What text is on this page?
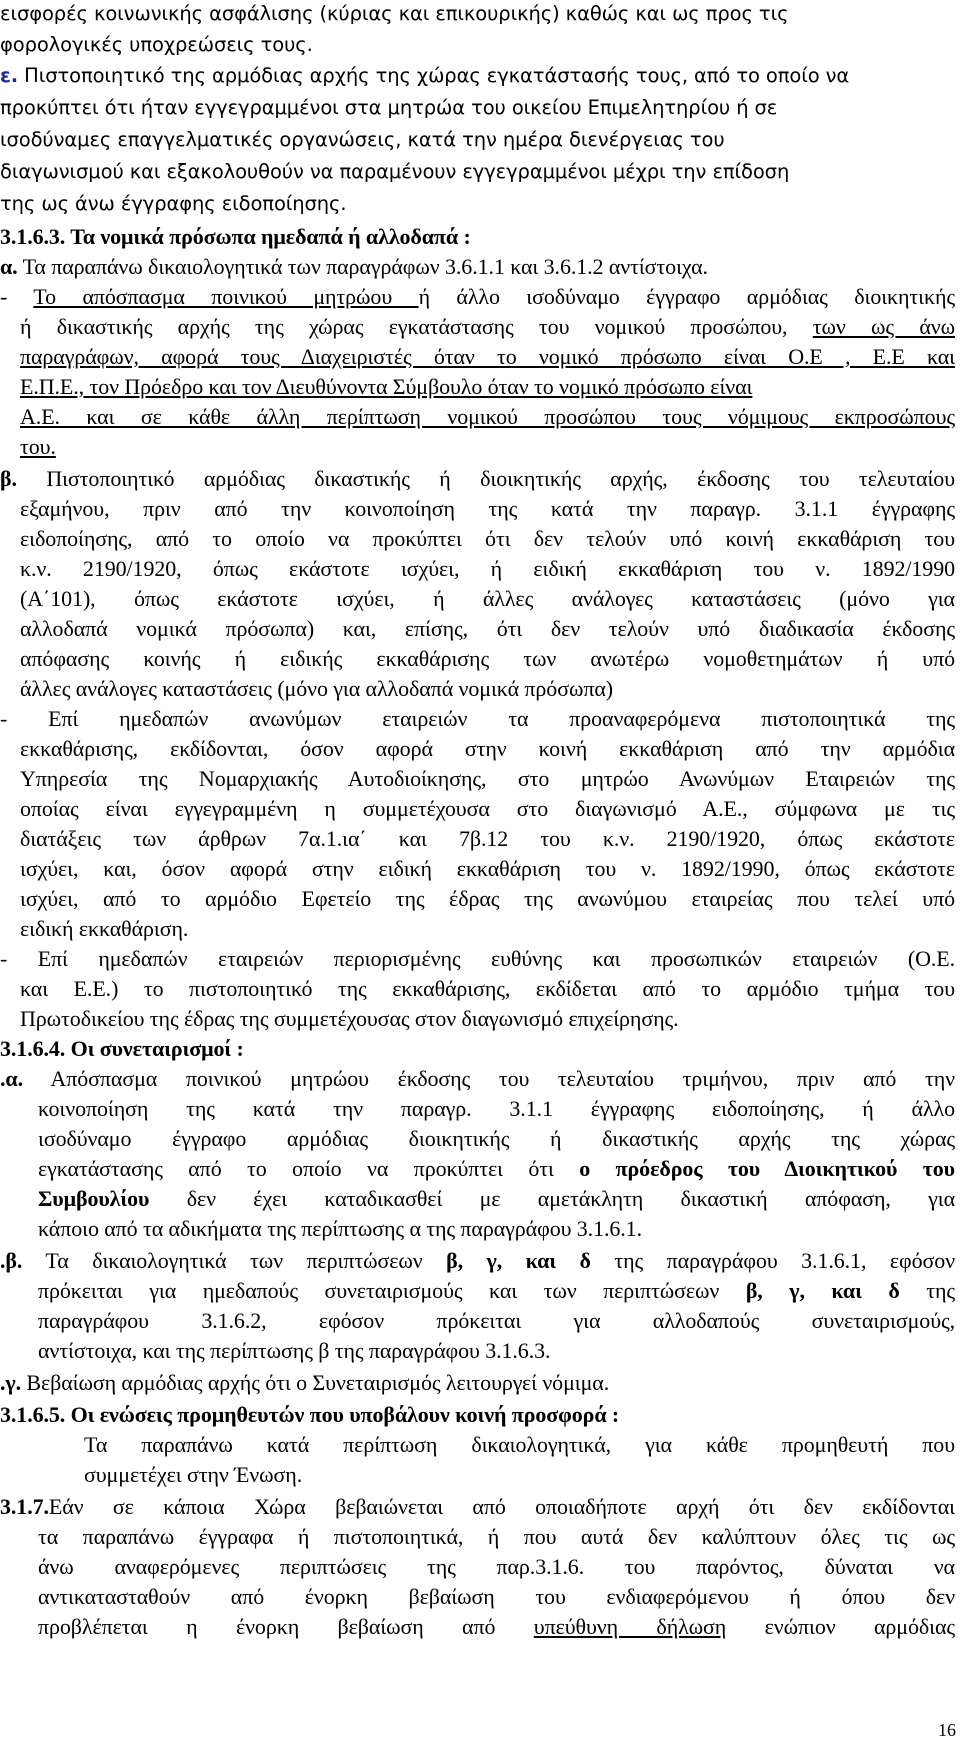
εισφορές κοινωνικής ασφάλισης (κύριας και επικουρικής) καθώς και ως προς τις
φορολογικές υποχρεώσεις τους.
ε. Πιστοποιητικό της αρμόδιας αρχής της χώρας εγκατάστασής τους, από το οποίο να
προκύπτει ότι ήταν εγγεγραμμένοι στα μητρώα του οικείου Επιμελητηρίου ή σε
ισοδύναμες επαγγελματικές οργανώσεις, κατά την ημέρα διενέργειας του
διαγωνισμού και εξακολουθούν να παραμένουν εγγεγραμμένοι μέχρι την επίδοση
της ως άνω έγγραφης ειδοποίησης.
3.1.6.3. Τα νομικά πρόσωπα ημεδαπά ή αλλοδαπά :
α. Τα παραπάνω δικαιολογητικά των παραγράφων 3.6.1.1 και 3.6.1.2 αντίστοιχα.
- Το απόσπασμα ποινικού μητρώου ή άλλο ισοδύναμο έγγραφο αρμόδιας διοικητικής
ή δικαστικής αρχής της χώρας εγκατάστασης του νομικού προσώπου, των ως άνω
παραγράφων, αφορά τους Διαχειριστές όταν το νομικό πρόσωπο είναι Ο.Ε , Ε.Ε και
Ε.Π.Ε., τον Πρόεδρο και τον Διευθύνοντα Σύμβουλο όταν το νομικό πρόσωπο είναι
Α.Ε. και σε κάθε άλλη περίπτωση νομικού προσώπου τους νόμιμους εκπροσώπους
του.
β. Πιστοποιητικό αρμόδιας δικαστικής ή διοικητικής αρχής, έκδοσης του τελευταίου
εξαμήνου, πριν από την κοινοποίηση της κατά την παραγρ. 3.1.1 έγγραφης
ειδοποίησης, από το οποίο να προκύπτει ότι δεν τελούν υπό κοινή εκκαθάριση του
κ.ν. 2190/1920, όπως εκάστοτε ισχύει, ή ειδική εκκαθάριση του ν. 1892/1990
(Α΄101), όπως εκάστοτε ισχύει, ή άλλες ανάλογες καταστάσεις (μόνο για
αλλοδαπά νομικά πρόσωπα) και, επίσης, ότι δεν τελούν υπό διαδικασία έκδοσης
απόφασης κοινής ή ειδικής εκκαθάρισης των ανωτέρω νομοθετημάτων ή υπό
άλλες ανάλογες καταστάσεις (μόνο για αλλοδαπά νομικά πρόσωπα)
- Επί ημεδαπών ανωνύμων εταιρειών τα προαναφερόμενα πιστοποιητικά της
εκκαθάρισης, εκδίδονται, όσον αφορά στην κοινή εκκαθάριση από την αρμόδια
Υπηρεσία της Νομαρχιακής Αυτοδιοίκησης, στο μητρώο Ανωνύμων Εταιρειών της
οποίας είναι εγγεγραμμένη η συμμετέχουσα στο διαγωνισμό Α.Ε., σύμφωνα με τις
διατάξεις των άρθρων 7α.1.ια΄ και 7β.12 του κ.ν. 2190/1920, όπως εκάστοτε
ισχύει, και, όσον αφορά στην ειδική εκκαθάριση του ν. 1892/1990, όπως εκάστοτε
ισχύει, από το αρμόδιο Εφετείο της έδρας της ανωνύμου εταιρείας που τελεί υπό
ειδική εκκαθάριση.
- Επί ημεδαπών εταιρειών περιορισμένης ευθύνης και προσωπικών εταιρειών (Ο.Ε.
και Ε.Ε.) το πιστοποιητικό της εκκαθάρισης, εκδίδεται από το αρμόδιο τμήμα του
Πρωτοδικείου της έδρας της συμμετέχουσας στον διαγωνισμό επιχείρησης.
3.1.6.4. Οι συνεταιρισμοί :
.α. Απόσπασμα ποινικού μητρώου έκδοσης του τελευταίου τριμήνου, πριν από την
κοινοποίηση της κατά την παραγρ. 3.1.1 έγγραφης ειδοποίησης, ή άλλο
ισοδύναμο έγγραφο αρμόδιας διοικητικής ή δικαστικής αρχής της χώρας
εγκατάστασης από το οποίο να προκύπτει ότι ο πρόεδρος του Διοικητικού του
Συμβουλίου δεν έχει καταδικασθεί με αμετάκλητη δικαστική απόφαση, για
κάποιο από τα αδικήματα της περίπτωσης α της παραγράφου 3.1.6.1.
.β. Τα δικαιολογητικά των περιπτώσεων β, γ, και δ της παραγράφου 3.1.6.1, εφόσον
πρόκειται για ημεδαπούς συνεταιρισμούς και των περιπτώσεων β, γ, και δ της
παραγράφου 3.1.6.2, εφόσον πρόκειται για αλλοδαπούς συνεταιρισμούς,
αντίστοιχα, και της περίπτωσης β της παραγράφου 3.1.6.3.
.γ. Βεβαίωση αρμόδιας αρχής ότι ο Συνεταιρισμός λειτουργεί νόμιμα.
3.1.6.5. Οι ενώσεις προμηθευτών που υποβάλουν κοινή προσφορά :
Τα παραπάνω κατά περίπτωση δικαιολογητικά, για κάθε προμηθευτή που
συμμετέχει στην Ένωση.
3.1.7.Εάν σε κάποια Χώρα βεβαιώνεται από οποιαδήποτε αρχή ότι δεν εκδίδονται
τα παραπάνω έγγραφα ή πιστοποιητικά, ή που αυτά δεν καλύπτουν όλες τις ως
άνω αναφερόμενες περιπτώσεις της παρ.3.1.6. του παρόντος, δύναται να
αντικατασταθούν από ένορκη βεβαίωση του ενδιαφερόμενου ή όπου δεν
προβλέπεται η ένορκη βεβαίωση από υπεύθυνη δήλωση ενώπιον αρμόδιας
16
